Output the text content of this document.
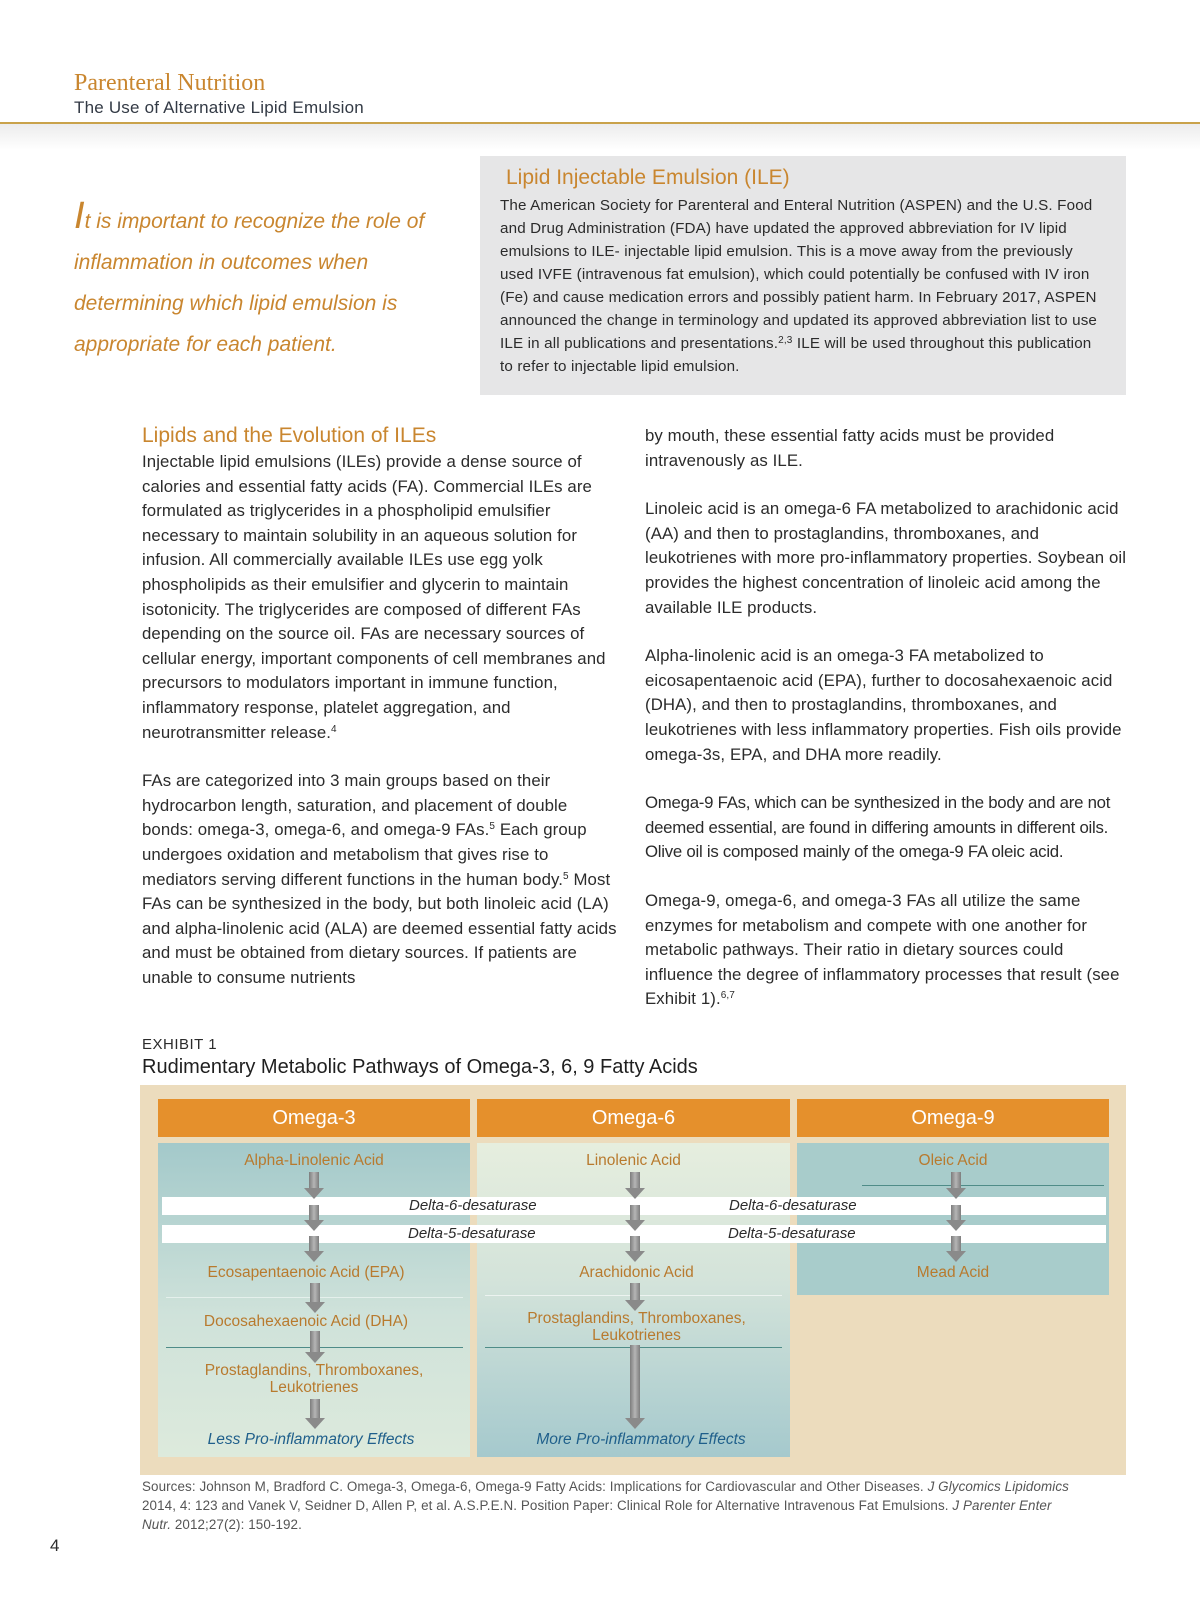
Parenteral Nutrition
The Use of Alternative Lipid Emulsion
It is important to recognize the role of inflammation in outcomes when determining which lipid emulsion is appropriate for each patient.
Lipid Injectable Emulsion (ILE)
The American Society for Parenteral and Enteral Nutrition (ASPEN) and the U.S. Food and Drug Administration (FDA) have updated the approved abbreviation for IV lipid emulsions to ILE- injectable lipid emulsion. This is a move away from the previously used IVFE (intravenous fat emulsion), which could potentially be confused with IV iron (Fe) and cause medication errors and possibly patient harm. In February 2017, ASPEN announced the change in terminology and updated its approved abbreviation list to use ILE in all publications and presentations.$^{2,3}$ ILE will be used throughout this publication to refer to injectable lipid emulsion.
Lipids and the Evolution of ILEs
Injectable lipid emulsions (ILEs) provide a dense source of calories and essential fatty acids (FA). Commercial ILEs are formulated as triglycerides in a phospholipid emulsifier necessary to maintain solubility in an aqueous solution for infusion. All commercially available ILEs use egg yolk phospholipids as their emulsifier and glycerin to maintain isotonicity. The triglycerides are composed of different FAs depending on the source oil. FAs are necessary sources of cellular energy, important components of cell membranes and precursors to modulators important in immune function, inflammatory response, platelet aggregation, and neurotransmitter release.$^4$
FAs are categorized into 3 main groups based on their hydrocarbon length, saturation, and placement of double bonds: omega-3, omega-6, and omega-9 FAs.$^5$ Each group undergoes oxidation and metabolism that gives rise to mediators serving different functions in the human body.$^5$ Most FAs can be synthesized in the body, but both linoleic acid (LA) and alpha-linolenic acid (ALA) are deemed essential fatty acids and must be obtained from dietary sources. If patients are unable to consume nutrients
by mouth, these essential fatty acids must be provided intravenously as ILE.
Linoleic acid is an omega-6 FA metabolized to arachidonic acid (AA) and then to prostaglandins, thromboxanes, and leukotrienes with more pro-inflammatory properties. Soybean oil provides the highest concentration of linoleic acid among the available ILE products.
Alpha-linolenic acid is an omega-3 FA metabolized to eicosapentaenoic acid (EPA), further to docosahexaenoic acid (DHA), and then to prostaglandins, thromboxanes, and leukotrienes with less inflammatory properties. Fish oils provide omega-3s, EPA, and DHA more readily.
Omega-9 FAs, which can be synthesized in the body and are not deemed essential, are found in differing amounts in different oils. Olive oil is composed mainly of the omega-9 FA oleic acid.
Omega-9, omega-6, and omega-3 FAs all utilize the same enzymes for metabolism and compete with one another for metabolic pathways. Their ratio in dietary sources could influence the degree of inflammatory processes that result (see Exhibit 1).$^{6,7}$
EXHIBIT 1
Rudimentary Metabolic Pathways of Omega-3, 6, 9 Fatty Acids
Omega-3	Omega-6	Omega-9
Delta-6-desaturase	Delta-6-desaturase
Delta-5-desaturase	Delta-5-desaturase
Alpha-Linolenic Acid
Ecosapentaenoic Acid (EPA)
Docosahexaenoic Acid (DHA)
Prostaglandins, Thromboxanes,
Leukotrienes
Less Pro-inflammatory Effects
Linolenic Acid
Arachidonic Acid
Prostaglandins, Thromboxanes,
Leukotrienes
More Pro-inflammatory Effects
Oleic Acid
Mead Acid
Sources: Johnson M, Bradford C. Omega-3, Omega-6, Omega-9 Fatty Acids: Implications for Cardiovascular and Other Diseases. J Glycomics Lipidomics 2014, 4: 123 and Vanek V, Seidner D, Allen P, et al. A.S.P.E.N. Position Paper: Clinical Role for Alternative Intravenous Fat Emulsions. J Parenter Enter Nutr. 2012;27(2): 150-192.
4
